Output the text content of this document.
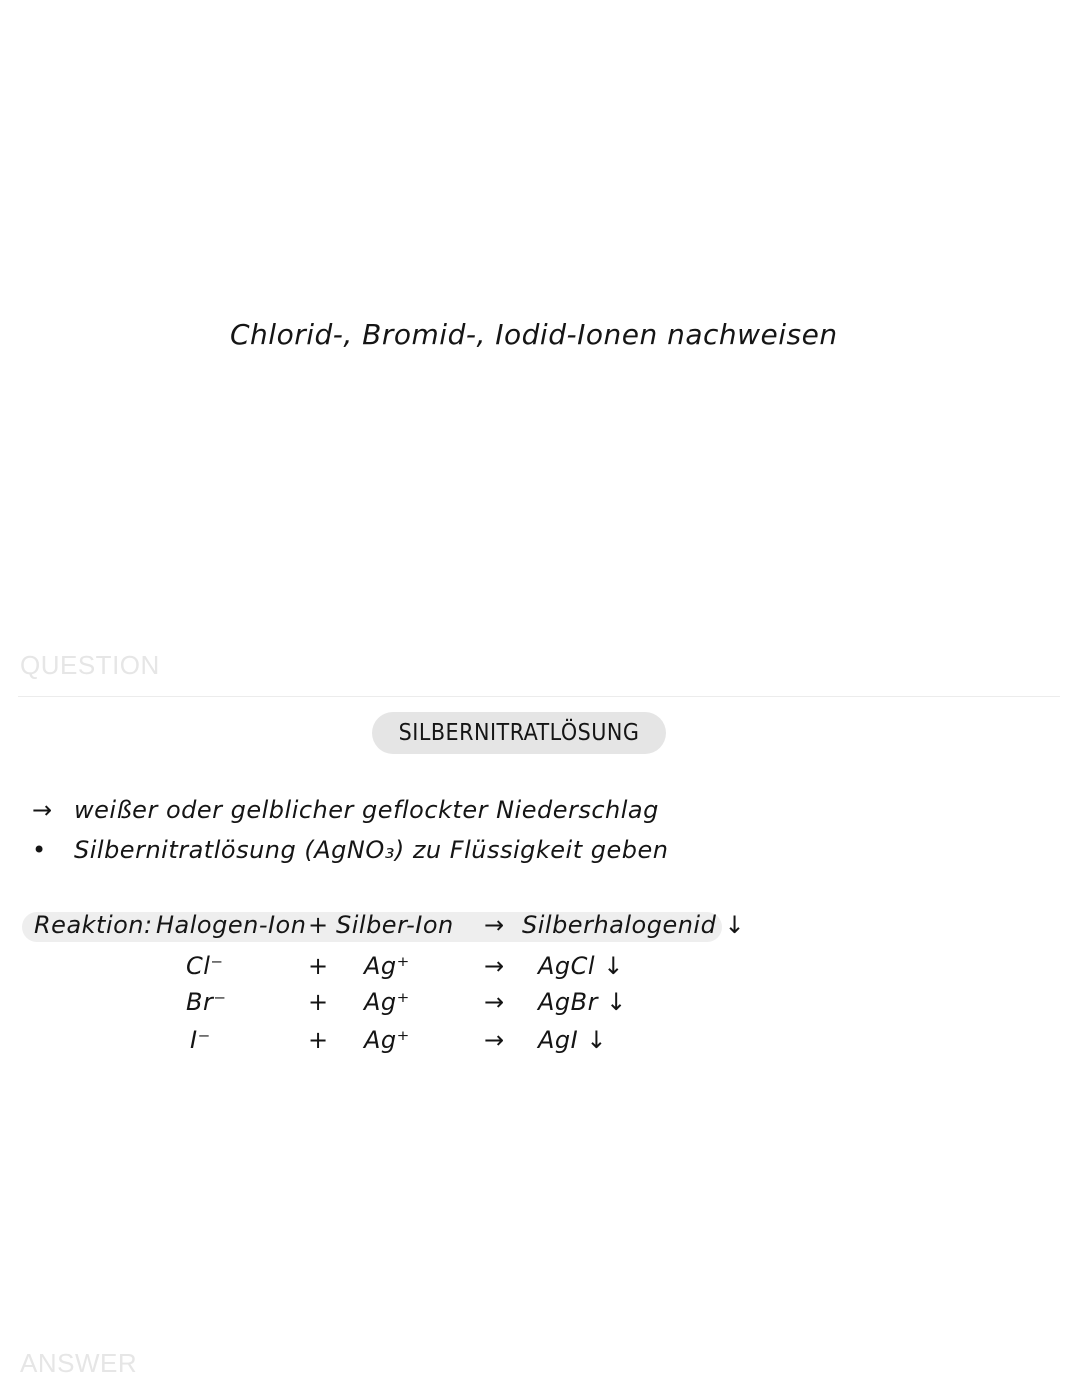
Chlorid-, Bromid-, Iodid-Ionen nachweisen
QUESTION
SILBERNITRATLÖSUNG
→ weißer oder gelblicher geflockter Niederschlag
•	Silbernitratlösung (AgNO₃) zu Flüssigkeit geben
Reaktion: Halogen-Ion + Silber-Ion → Silberhalogenid ↓
Cl⁻	+ Ag⁺	→ AgCl ↓
Br⁻	+ Ag⁺	→ AgBr ↓
I⁻	+ Ag⁺	→ AgI ↓
ANSWER
